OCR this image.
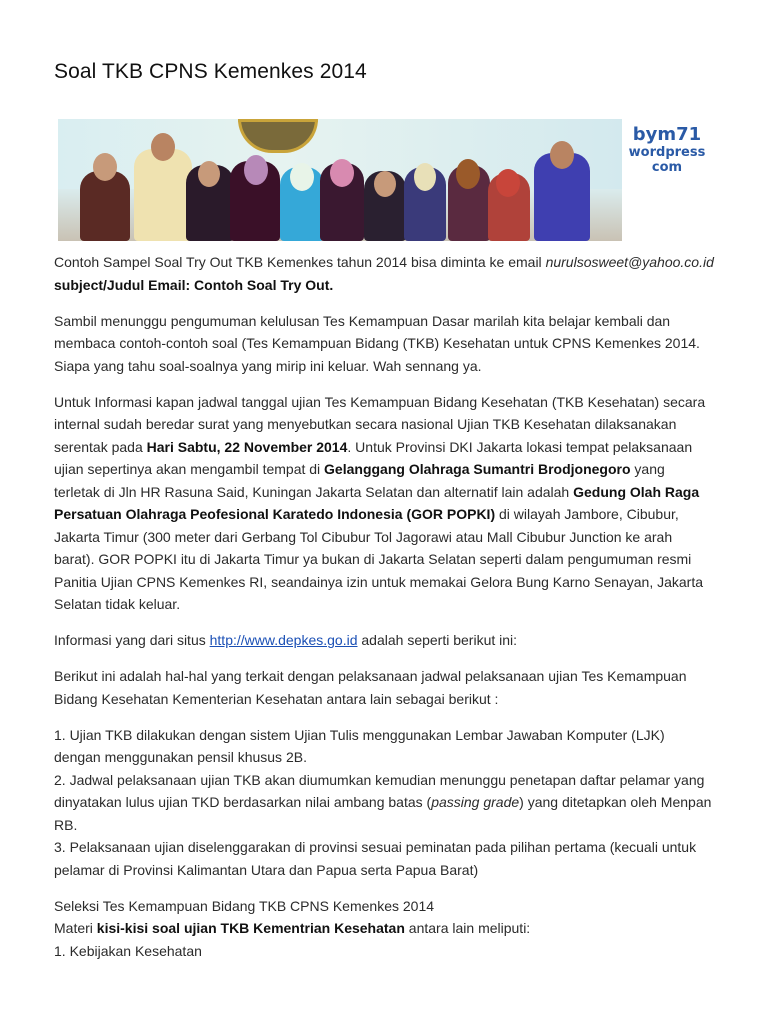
Soal TKB CPNS Kemenkes 2014
bym71
wordpress
com

Contoh Sampel Soal Try Out TKB Kemenkes tahun 2014 bisa diminta ke email nurulsosweet@yahoo.co.id subject/Judul Email: Contoh Soal Try Out.

Sambil menunggu pengumuman kelulusan Tes Kemampuan Dasar marilah kita belajar kembali dan membaca contoh-contoh soal (Tes Kemampuan Bidang (TKB) Kesehatan untuk CPNS Kemenkes 2014. Siapa yang tahu soal-soalnya yang mirip ini keluar. Wah sennang ya.

Untuk Informasi kapan jadwal tanggal ujian Tes Kemampuan Bidang Kesehatan (TKB Kesehatan) secara internal sudah beredar surat yang menyebutkan secara nasional Ujian TKB Kesehatan dilaksanakan serentak pada Hari Sabtu, 22 November 2014. Untuk Provinsi DKI Jakarta lokasi tempat pelaksanaan ujian sepertinya akan mengambil tempat di Gelanggang Olahraga Sumantri Brodjonegoro yang terletak di Jln HR Rasuna Said, Kuningan Jakarta Selatan dan alternatif lain adalah Gedung Olah Raga Persatuan Olahraga Peofesional Karatedo Indonesia (GOR POPKI) di wilayah Jambore, Cibubur, Jakarta Timur (300 meter dari Gerbang Tol Cibubur Tol Jagorawi atau Mall Cibubur Junction ke arah barat). GOR POPKI itu di Jakarta Timur ya bukan di Jakarta Selatan seperti dalam pengumuman resmi Panitia Ujian CPNS Kemenkes RI, seandainya izin untuk memakai Gelora Bung Karno Senayan, Jakarta Selatan tidak keluar.

Informasi yang dari situs http://www.depkes.go.id adalah seperti berikut ini:

Berikut ini adalah hal-hal yang terkait dengan pelaksanaan jadwal pelaksanaan ujian Tes Kemampuan Bidang Kesehatan Kementerian Kesehatan antara lain sebagai berikut :

1. Ujian TKB dilakukan dengan sistem Ujian Tulis menggunakan Lembar Jawaban Komputer (LJK) dengan menggunakan pensil khusus 2B.
2. Jadwal pelaksanaan ujian TKB akan diumumkan kemudian menunggu penetapan daftar pelamar yang dinyatakan lulus ujian TKD berdasarkan nilai ambang batas (passing grade) yang ditetapkan oleh Menpan RB.
3. Pelaksanaan ujian diselenggarakan di provinsi sesuai peminatan pada pilihan pertama (kecuali untuk pelamar di Provinsi Kalimantan Utara dan Papua serta Papua Barat)

Seleksi Tes Kemampuan Bidang TKB CPNS Kemenkes 2014
Materi kisi-kisi soal ujian TKB Kementrian Kesehatan antara lain meliputi:
1. Kebijakan Kesehatan
